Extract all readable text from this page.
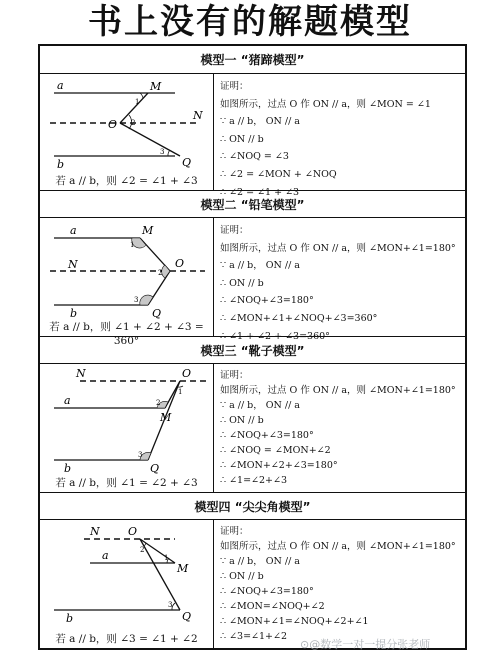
书上没有的解题模型
模型一 “猪蹄模型”
a
b
M
N
O
Q
1
2
3
若 a // b，则 ∠2 = ∠1 + ∠3
证明：
如图所示，过点 O 作 ON // a，则 ∠MON = ∠1
∵ a // b， ON // a
∴ ON // b
∴ ∠NOQ = ∠3
∴ ∠2 = ∠MON + ∠NOQ
∴ ∠2 = ∠1 + ∠3
模型二 “铅笔模型”
a
b
M
N	O
Q
1
2
3
若 a // b，则 ∠1 + ∠2 + ∠3 = 360°
证明：
如图所示，过点 O 作 ON // a，则 ∠MON+∠1=180°
∵ a // b， ON // a
∴ ON // b
∴ ∠NOQ+∠3=180°
∴ ∠MON+∠1+∠NOQ+∠3=360°
∴ ∠1 + ∠2 + ∠3=360°
模型三 “靴子模型”
N	O
a
M
b	Q
1
2
3
若 a // b，则 ∠1 = ∠2 + ∠3
证明：
如图所示，过点 O 作 ON // a，则 ∠MON+∠1=180°
∵ a // b， ON // a
∴ ON // b
∴ ∠NOQ+∠3=180°
∴ ∠NOQ = ∠MON+∠2
∴ ∠MON+∠2+∠3=180°
∴ ∠1=∠2+∠3
模型四 “尖尖角模型”
N	O
a
M
b	Q
1
2
3
若 a // b，则 ∠3 = ∠1 + ∠2
证明：
如图所示，过点 O 作 ON // a，则 ∠MON+∠1=180°
∵ a // b， ON // a
∴ ON // b
∴ ∠NOQ+∠3=180°
∴ ∠MON=∠NOQ+∠2
∴ ∠MON+∠1=∠NOQ+∠2+∠1
∴ ∠3=∠1+∠2
⊙@数学一对一提分张老师
